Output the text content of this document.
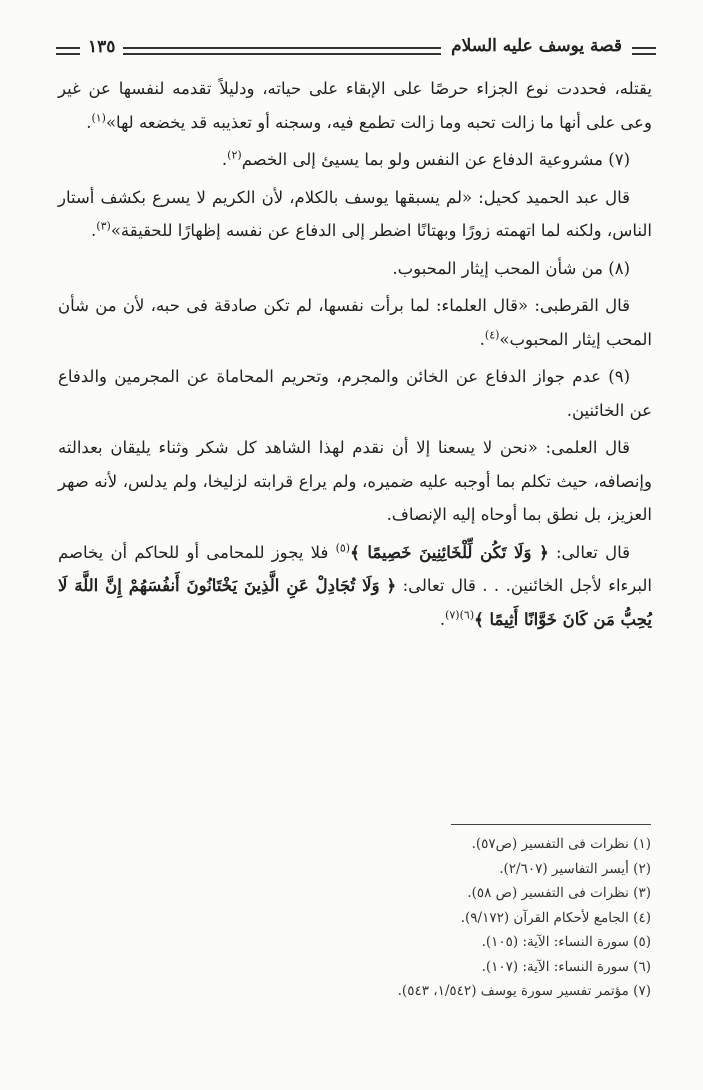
قصة يوسف عليه السلام
١٣٥

يقتله، فحددت نوع الجزاء حرصًا على الإبقاء على حياته، ودليلاً تقدمه لنفسها عن غير وعى على أنها ما زالت تحبه وما زالت تطمع فيه، وسجنه أو تعذيبه قد يخضعه لها»$^{(١)}$.

(٧) مشروعية الدفاع عن النفس ولو بما يسيئ إلى الخصم$^{(٢)}$.

قال عبد الحميد كحيل: «لم يسبقها يوسف بالكلام، لأن الكريم لا يسرع بكشف أستار الناس، ولكنه لما اتهمته زورًا وبهتانًا اضطر إلى الدفاع عن نفسه إظهارًا للحقيقة»$^{(٣)}$.

(٨) من شأن المحب إيثار المحبوب.

قال القرطبى: «قال العلماء: لما برأت نفسها، لم تكن صادقة فى حبه، لأن من شأن المحب إيثار المحبوب»$^{(٤)}$.

(٩) عدم جواز الدفاع عن الخائن والمجرم، وتحريم المحاماة عن المجرمين والدفاع عن الخائنين.

قال العلمى: «نحن لا يسعنا إلا أن نقدم لهذا الشاهد كل شكر وثناء يليقان بعدالته وإنصافه، حيث تكلم بما أوجبه عليه ضميره، ولم يراع قرابته لزليخا، ولم يدلس، لأنه صهر العزيز، بل نطق بما أوحاه إليه الإنصاف.

قال تعالى: ﴿ وَلَا تَكُن لِّلْخَائِنِينَ خَصِيمًا ﴾$^{(٥)}$ فلا يجوز للمحامى أو للحاكم أن يخاصم البرءاء لأجل الخائنين. . . قال تعالى: ﴿ وَلَا تُجَادِلْ عَنِ الَّذِينَ يَخْتَانُونَ أَنفُسَهُمْ إِنَّ اللَّهَ لَا يُحِبُّ مَن كَانَ خَوَّانًا أَثِيمًا ﴾$^{(٦)(٧)}$.

(١) نظرات فى التفسير (ص٥٧).
(٢) أيسر التفاسير (٢/٦٠٧).
(٣) نظرات فى التفسير (ص ٥٨).
(٤) الجامع لأحكام القرآن (٩/١٧٢).
(٥) سورة النساء: الآية: (١٠٥).
(٦) سورة النساء: الآية: (١٠٧).
(٧) مؤتمر تفسير سورة يوسف (١/٥٤٢، ٥٤٣).
